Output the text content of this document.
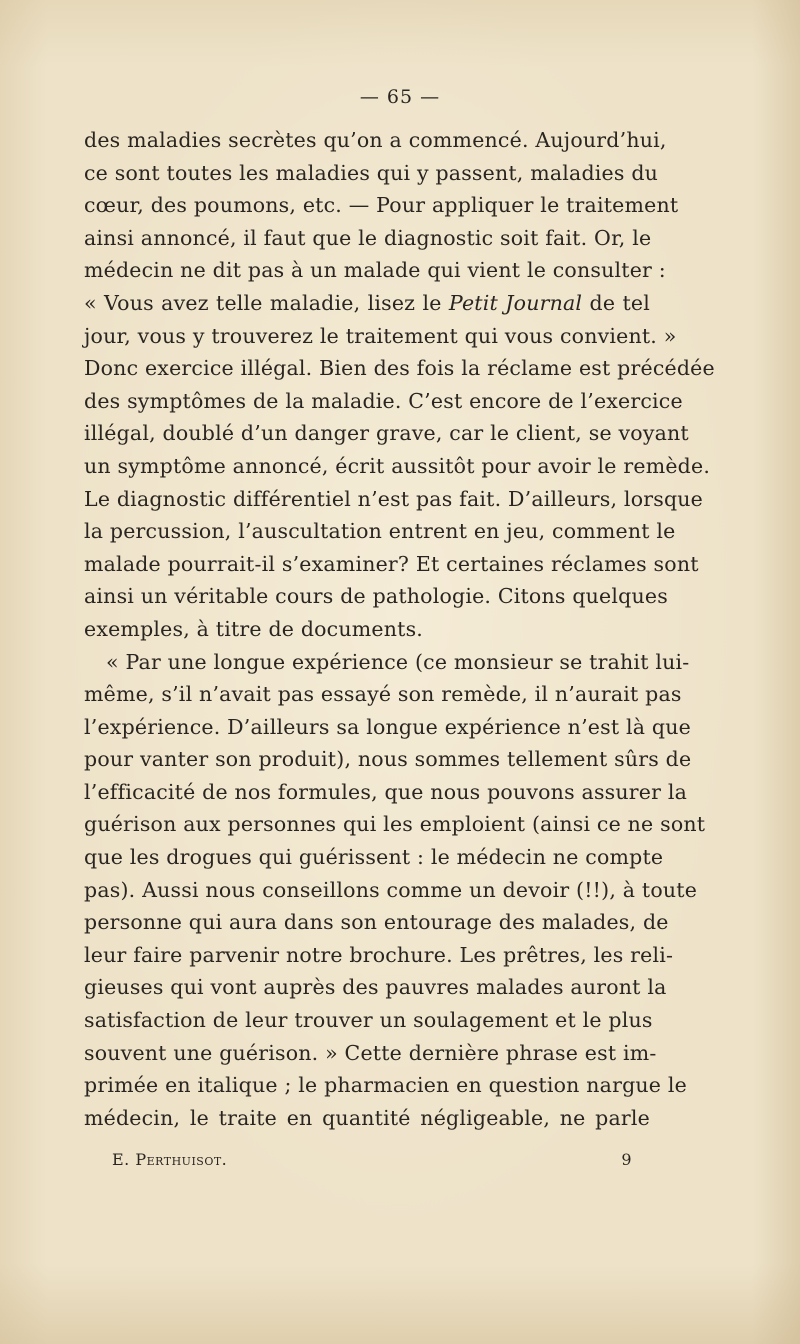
— 65 —
des maladies secrètes qu’on a commencé. Aujourd’hui,
ce sont toutes les maladies qui y passent, maladies du
cœur, des poumons, etc. — Pour appliquer le traitement
ainsi annoncé, il faut que le diagnostic soit fait. Or, le
médecin ne dit pas à un malade qui vient le consulter :
« Vous avez telle maladie, lisez le Petit Journal de tel
jour, vous y trouverez le traitement qui vous convient. »
Donc exercice illégal. Bien des fois la réclame est précédée
des symptômes de la maladie. C’est encore de l’exercice
illégal, doublé d’un danger grave, car le client, se voyant
un symptôme annoncé, écrit aussitôt pour avoir le remède.
Le diagnostic différentiel n’est pas fait. D’ailleurs, lorsque
la percussion, l’auscultation entrent en jeu, comment le
malade pourrait-il s’examiner? Et certaines réclames sont
ainsi un véritable cours de pathologie. Citons quelques
exemples, à titre de documents.
« Par une longue expérience (ce monsieur se trahit lui-
même, s’il n’avait pas essayé son remède, il n’aurait pas
l’expérience. D’ailleurs sa longue expérience n’est là que
pour vanter son produit), nous sommes tellement sûrs de
l’efficacité de nos formules, que nous pouvons assurer la
guérison aux personnes qui les emploient (ainsi ce ne sont
que les drogues qui guérissent : le médecin ne compte
pas). Aussi nous conseillons comme un devoir (!!), à toute
personne qui aura dans son entourage des malades, de
leur faire parvenir notre brochure. Les prêtres, les reli-
gieuses qui vont auprès des pauvres malades auront la
satisfaction de leur trouver un soulagement et le plus
souvent une guérison. » Cette dernière phrase est im-
primée en italique ; le pharmacien en question nargue le
médecin, le traite en quantité négligeable, ne parle
E. Perthuisot.	9
